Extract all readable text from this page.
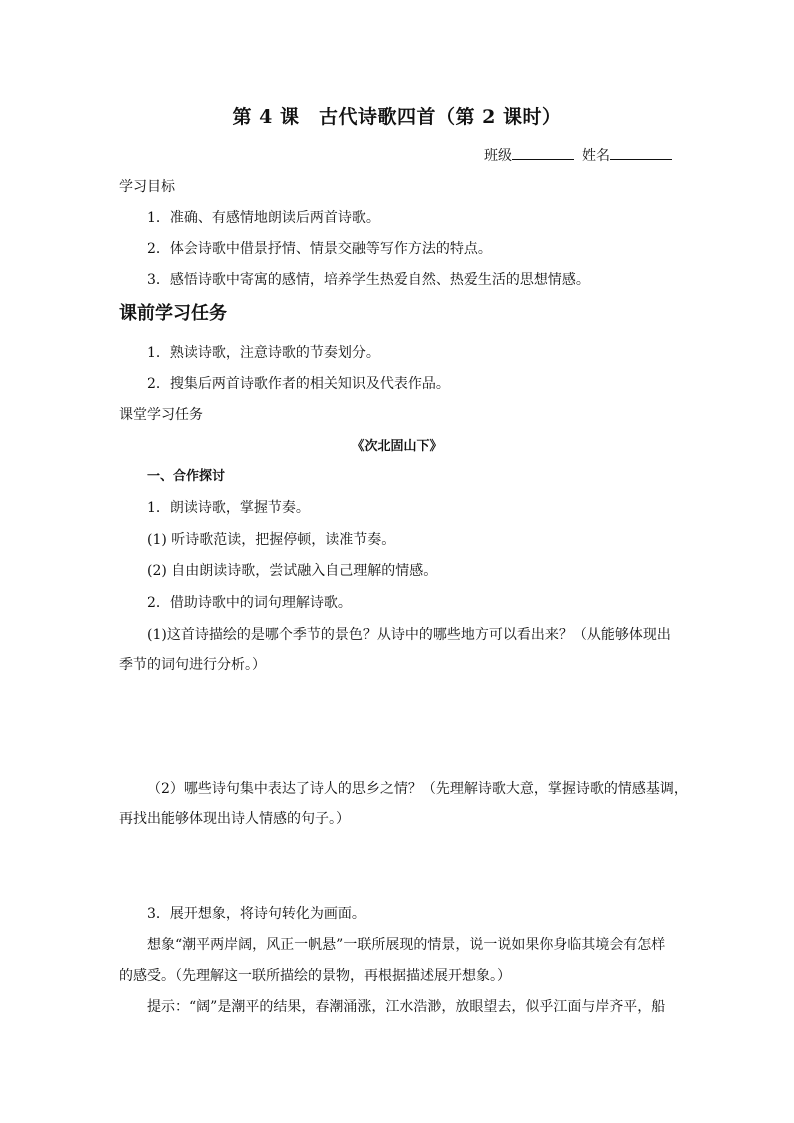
第 4 课　古代诗歌四首（第 2 课时）
班级	姓名
学习目标
1．准确、有感情地朗读后两首诗歌。
2．体会诗歌中借景抒情、情景交融等写作方法的特点。
3．感悟诗歌中寄寓的感情，培养学生热爱自然、热爱生活的思想情感。
课前学习任务
1．熟读诗歌，注意诗歌的节奏划分。
2．搜集后两首诗歌作者的相关知识及代表作品。
课堂学习任务
《次北固山下》
一、合作探讨
1．朗读诗歌，掌握节奏。
(1) 听诗歌范读，把握停顿，读准节奏。
(2) 自由朗读诗歌，尝试融入自己理解的情感。
2．借助诗歌中的词句理解诗歌。
(1)这首诗描绘的是哪个季节的景色？从诗中的哪些地方可以看出来？（从能够体现出
季节的词句进行分析。）
（2）哪些诗句集中表达了诗人的思乡之情？（先理解诗歌大意，掌握诗歌的情感基调，
再找出能够体现出诗人情感的句子。）
3．展开想象，将诗句转化为画面。
想象“潮平两岸阔，风正一帆悬”一联所展现的情景，说一说如果你身临其境会有怎样
的感受。（先理解这一联所描绘的景物，再根据描述展开想象。）
提示：“阔”是潮平的结果，春潮涌涨，江水浩渺，放眼望去，似乎江面与岸齐平，船
